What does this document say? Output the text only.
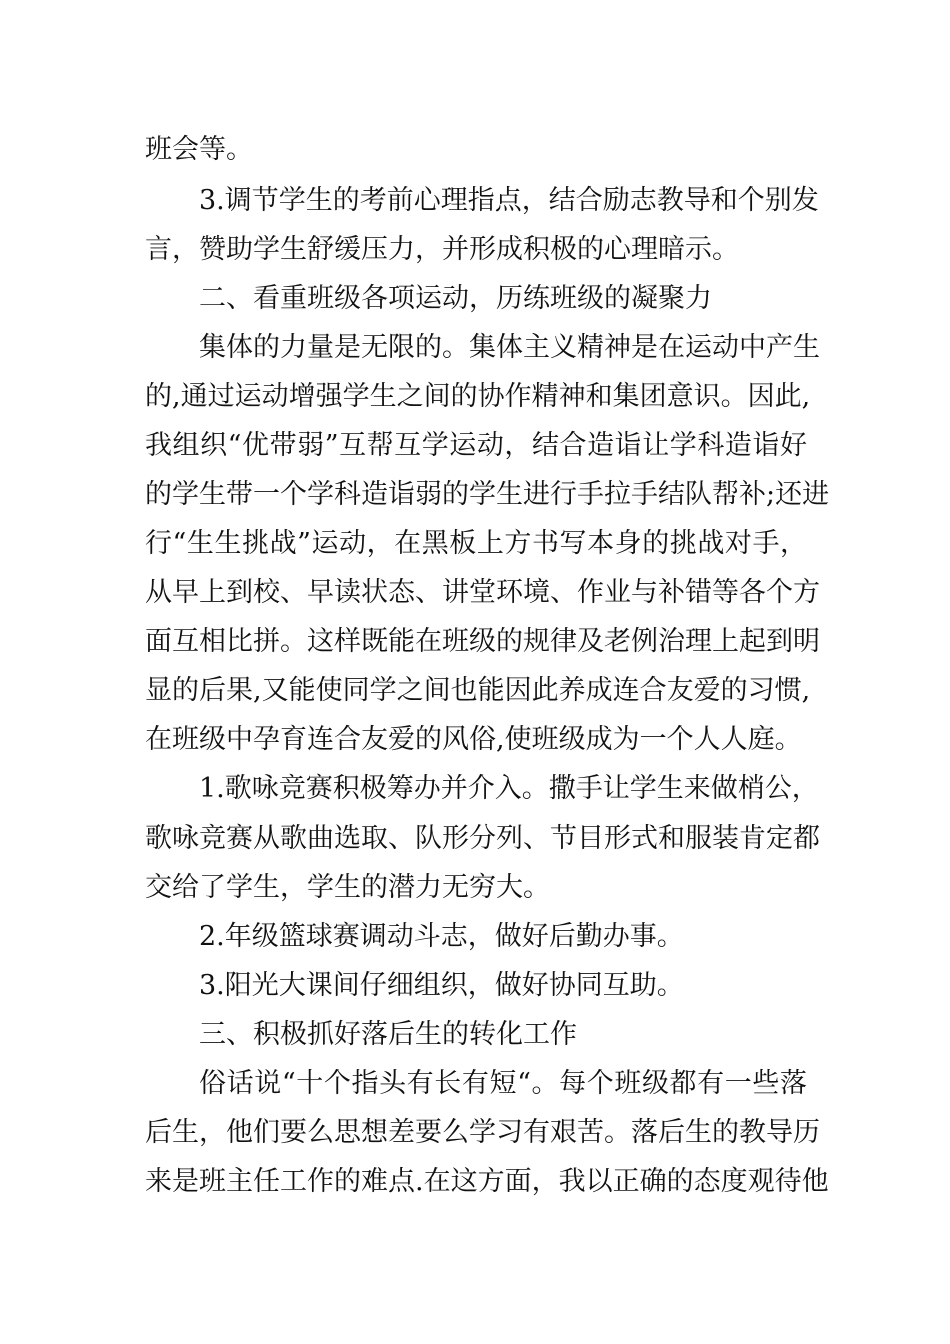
班会等。

3.调节学生的考前心理指点，结合励志教导和个别发

言，赞助学生舒缓压力，并形成积极的心理暗示。

二、看重班级各项运动，历练班级的凝聚力

集体的力量是无限的。集体主义精神是在运动中产生

的,通过运动增强学生之间的协作精神和集团意识。因此,

我组织“优带弱”互帮互学运动，结合造诣让学科造诣好

的学生带一个学科造诣弱的学生进行手拉手结队帮补;还进

行“生生挑战”运动，在黑板上方书写本身的挑战对手，

从早上到校、早读状态、讲堂环境、作业与补错等各个方

面互相比拼。这样既能在班级的规律及老例治理上起到明

显的后果,又能使同学之间也能因此养成连合友爱的习惯,

在班级中孕育连合友爱的风俗,使班级成为一个人人庭。

1.歌咏竞赛积极筹办并介入。撒手让学生来做梢公，

歌咏竞赛从歌曲选取、队形分列、节目形式和服装肯定都

交给了学生，学生的潜力无穷大。

2.年级篮球赛调动斗志，做好后勤办事。

3.阳光大课间仔细组织，做好协同互助。

三、积极抓好落后生的转化工作

俗话说“十个指头有长有短“。每个班级都有一些落

后生，他们要么思想差要么学习有艰苦。落后生的教导历

来是班主任工作的难点.在这方面，我以正确的态度观待他
